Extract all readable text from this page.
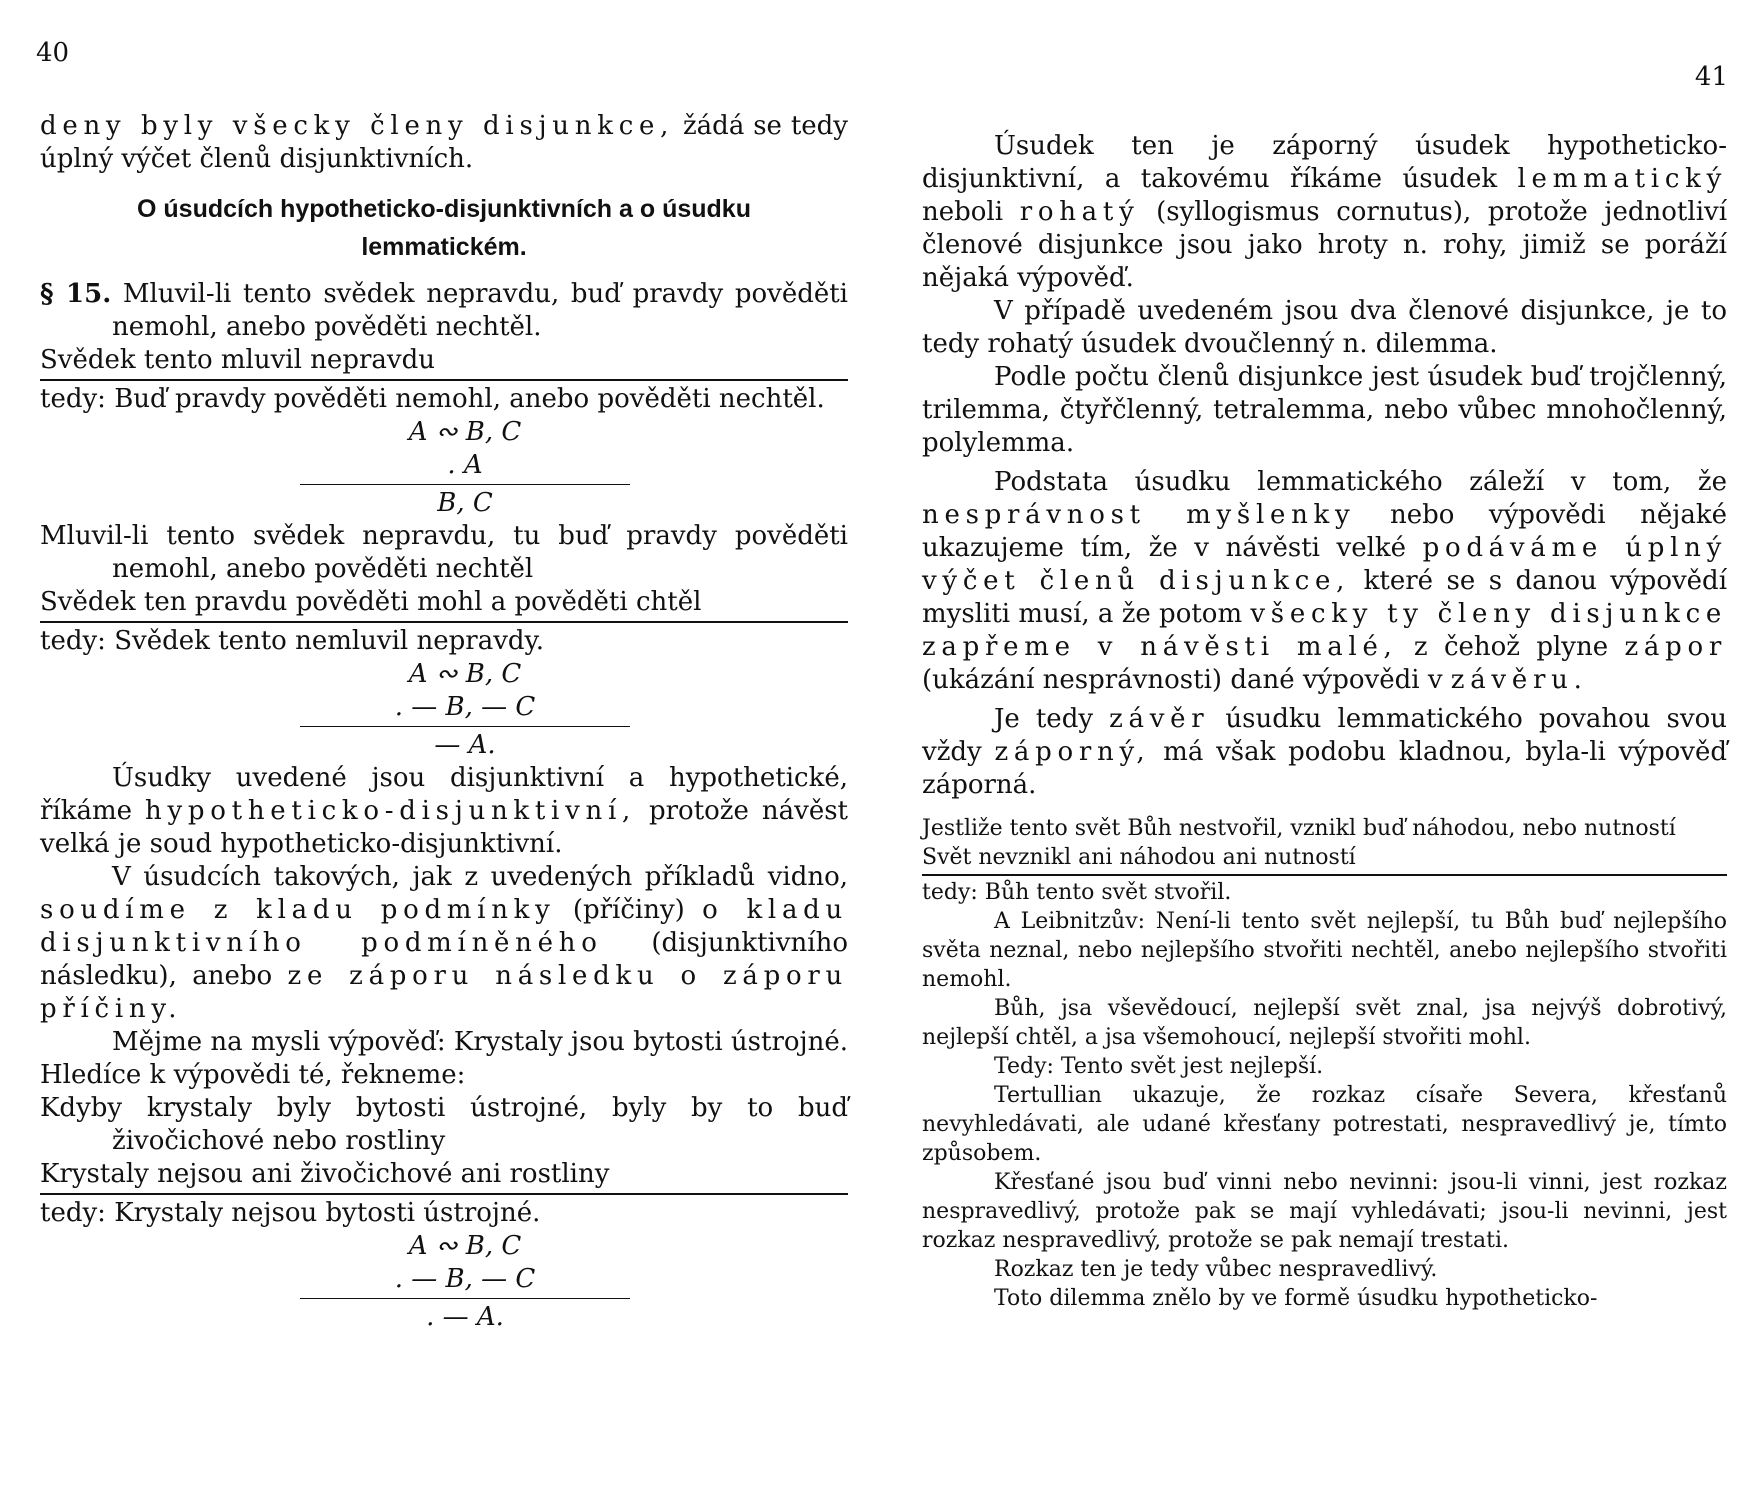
40

deny byly všecky členy disjunkce, žádá se tedy úplný výčet členů disjunktivních.

O úsudcích hypotheticko-disjunktivních a o úsudku
lemmatickém.

§ 15. Mluvil-li tento svědek nepravdu, buď pravdy pověděti nemohl, anebo pověděti nechtěl.

Svědek tento mluvil nepravdu

tedy: Buď pravdy pověděti nemohl, anebo pověděti nechtěl.

A ∾ B, C
. A
B, C

Mluvil-li tento svědek nepravdu, tu buď pravdy pověděti nemohl, anebo pověděti nechtěl

Svědek ten pravdu pověděti mohl a pověděti chtěl

tedy: Svědek tento nemluvil nepravdy.

A ∾ B, C
. — B, — C
— A.

Úsudky uvedené jsou disjunktivní a hypothetické, říkáme hypotheticko-disjunktivní, protože návěst velká je soud hypotheticko-disjunktivní.

V úsudcích takových, jak z uvedených příkladů vidno, soudíme z kladu podmínky (příčiny) o kladu disjunktivního podmíněného (disjunktivního následku), anebo ze záporu následku o záporu příčiny.

Mějme na mysli výpověď: Krystaly jsou bytosti ústrojné. Hledíce k výpovědi té, řekneme:

Kdyby krystaly byly bytosti ústrojné, byly by to buď živočichové nebo rostliny

Krystaly nejsou ani živočichové ani rostliny

tedy: Krystaly nejsou bytosti ústrojné.

A ∾ B, C
. — B, — C
. — A.
41

Úsudek ten je záporný úsudek hypotheticko-disjunktivní, a takovému říkáme úsudek lemmatický neboli rohatý (syllogismus cornutus), protože jednotliví členové disjunkce jsou jako hroty n. rohy, jimiž se poráží nějaká výpověď.

V případě uvedeném jsou dva členové disjunkce, je to tedy rohatý úsudek dvoučlenný n. dilemma.

Podle počtu členů disjunkce jest úsudek buď trojčlenný, trilemma, čtyřčlenný, tetralemma, nebo vůbec mnohočlenný, polylemma.

Podstata úsudku lemmatického záleží v tom, že nesprávnost myšlenky nebo výpovědi nějaké ukazujeme tím, že v návěsti velké podáváme úplný výčet členů disjunkce, které se s danou výpovědí mysliti musí, a že potom všecky ty členy disjunkce zapřeme v návěsti malé, z čehož plyne zápor (ukázání nesprávnosti) dané výpovědi v závěru.

Je tedy závěr úsudku lemmatického povahou svou vždy záporný, má však podobu kladnou, byla-li výpověď záporná.

Jestliže tento svět Bůh nestvořil, vznikl buď náhodou, nebo nutností

Svět nevznikl ani náhodou ani nutností

tedy: Bůh tento svět stvořil.

A Leibnitzův: Není-li tento svět nejlepší, tu Bůh buď nejlepšího světa neznal, nebo nejlepšího stvořiti nechtěl, anebo nejlepšího stvořiti nemohl.

Bůh, jsa vševědoucí, nejlepší svět znal, jsa nejvýš dobrotivý, nejlepší chtěl, a jsa všemohoucí, nejlepší stvořiti mohl.

Tedy: Tento svět jest nejlepší.

Tertullian ukazuje, že rozkaz císaře Severa, křesťanů nevyhledávati, ale udané křesťany potrestati, nespravedlivý je, tímto způsobem.

Křesťané jsou buď vinni nebo nevinni: jsou-li vinni, jest rozkaz nespravedlivý, protože pak se mají vyhledávati; jsou-li nevinni, jest rozkaz nespravedlivý, protože se pak nemají trestati.

Rozkaz ten je tedy vůbec nespravedlivý.

Toto dilemma znělo by ve formě úsudku hypotheticko-
